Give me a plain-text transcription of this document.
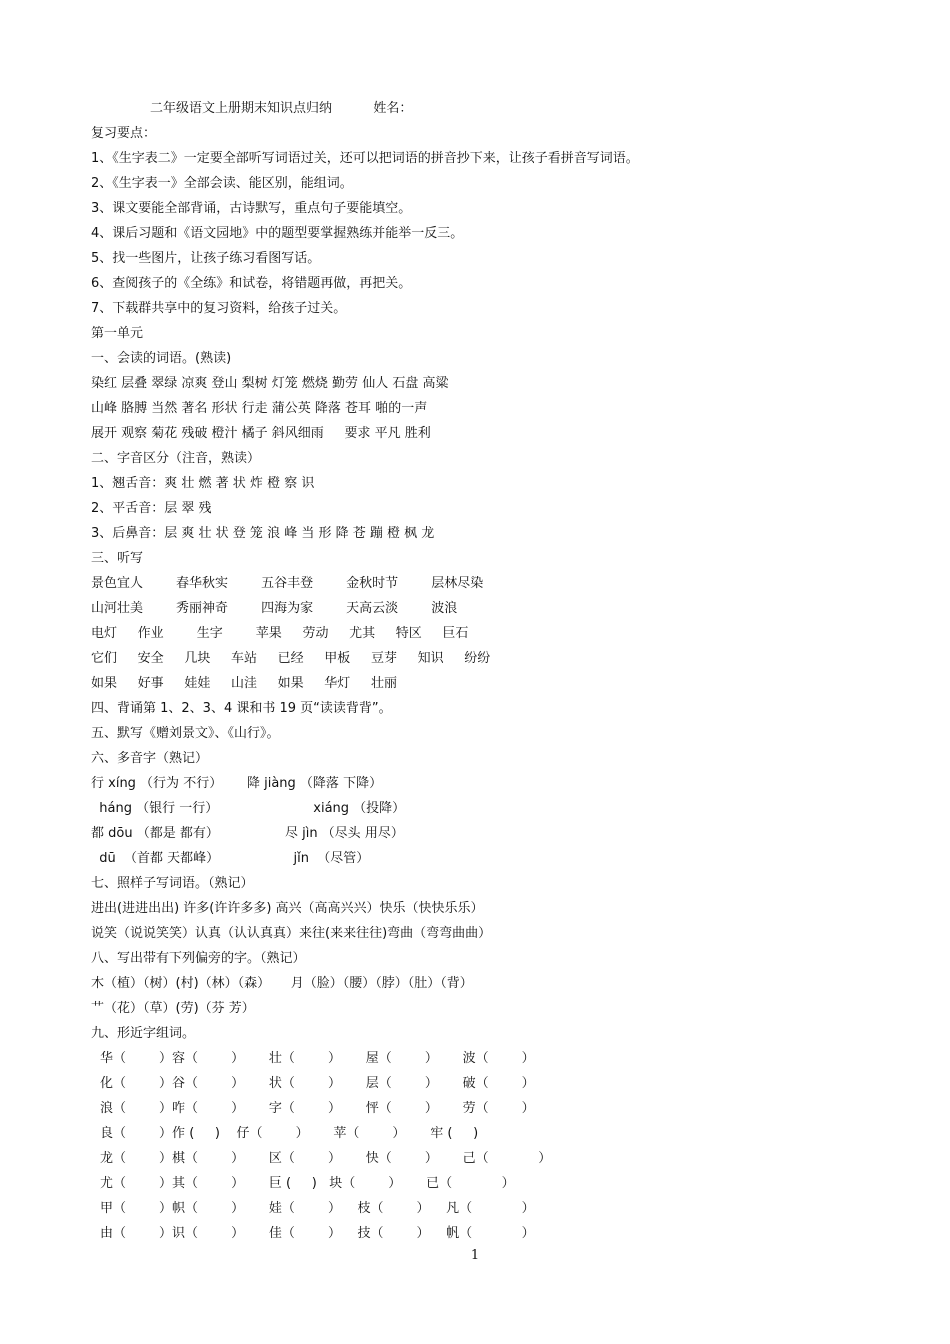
二年级语文上册期末知识点归纳	姓名：
复习要点：
1、《生字表二》一定要全部听写词语过关，还可以把词语的拼音抄下来，让孩子看拼音写词语。
2、《生字表一》全部会读、能区别，能组词。
3、课文要能全部背诵，古诗默写，重点句子要能填空。
4、课后习题和《语文园地》中的题型要掌握熟练并能举一反三。
5、找一些图片，让孩子练习看图写话。
6、查阅孩子的《全练》和试卷，将错题再做，再把关。
7、下载群共享中的复习资料，给孩子过关。
第一单元
一、会读的词语。(熟读)
染红 层叠 翠绿 凉爽 登山 梨树 灯笼 燃烧 勤劳 仙人 石盘 高粱
山峰 胳膊 当然 著名 形状 行走 蒲公英 降落 苍耳 啪的一声
展开 观察 菊花 残破 橙汁 橘子 斜风细雨     要求 平凡 胜利
二、字音区分（注音，熟读）
1、翘舌音：爽 壮 燃 著 状 炸 橙 察 识
2、平舌音：层 翠 残
3、后鼻音：层 爽 壮 状 登 笼 浪 峰 当 形 降 苍 蹦 橙 枫 龙
三、听写
景色宜人        春华秋实        五谷丰登        金秋时节        层林尽染
山河壮美        秀丽神奇        四海为家        天高云淡        波浪
电灯     作业        生字        苹果     劳动     尤其     特区     巨石
它们     安全     几块     车站     已经     甲板     豆芽     知识     纷纷
如果     好事     娃娃     山洼     如果     华灯     壮丽
四、背诵第 1、2、3、4 课和书 19 页“读读背背”。
五、默写《赠刘景文》、《山行》。
六、多音字（熟记）
行 xíng （行为 不行）      降 jiàng （降落 下降）
háng （银行 一行）                       xiáng （投降）
都 dōu （都是 都有）                尽 jìn （尽头 用尽）
dū  （首都 天都峰）                  jǐn  （尽管）
七、照样子写词语。（熟记）
进出(进进出出) 许多(许许多多) 高兴（高高兴兴）快乐（快快乐乐）
说笑（说说笑笑）认真（认认真真）来往(来来往往)弯曲（弯弯曲曲）
八、写出带有下列偏旁的字。（熟记）
木（植）（树）(村)（林）（森）     月（脸）（腰）（脖）（肚）（背）
艹（花）（草）(劳)（芬 芳）
九、形近字组词。
华（        ）容（        ）      壮（        ）      屋（        ）      波（        ）
化（        ）谷（        ）      状（        ）      层（        ）      破（        ）
浪（        ）咋（        ）      字（        ）      怦（        ）      劳（        ）
良（        ）作 (     )    仔（        ）      苹（        ）      牢 (     )
龙（        ）棋（        ）      区（        ）      快（        ）      己（            ）
尤（        ）其（        ）      巨 (     )   块（        ）      已（            ）
甲（        ）帜（        ）      娃（        ）    枝（        ）    凡（            ）
由（        ）识（        ）      佳（        ）    技（        ）    帆（            ）
1
